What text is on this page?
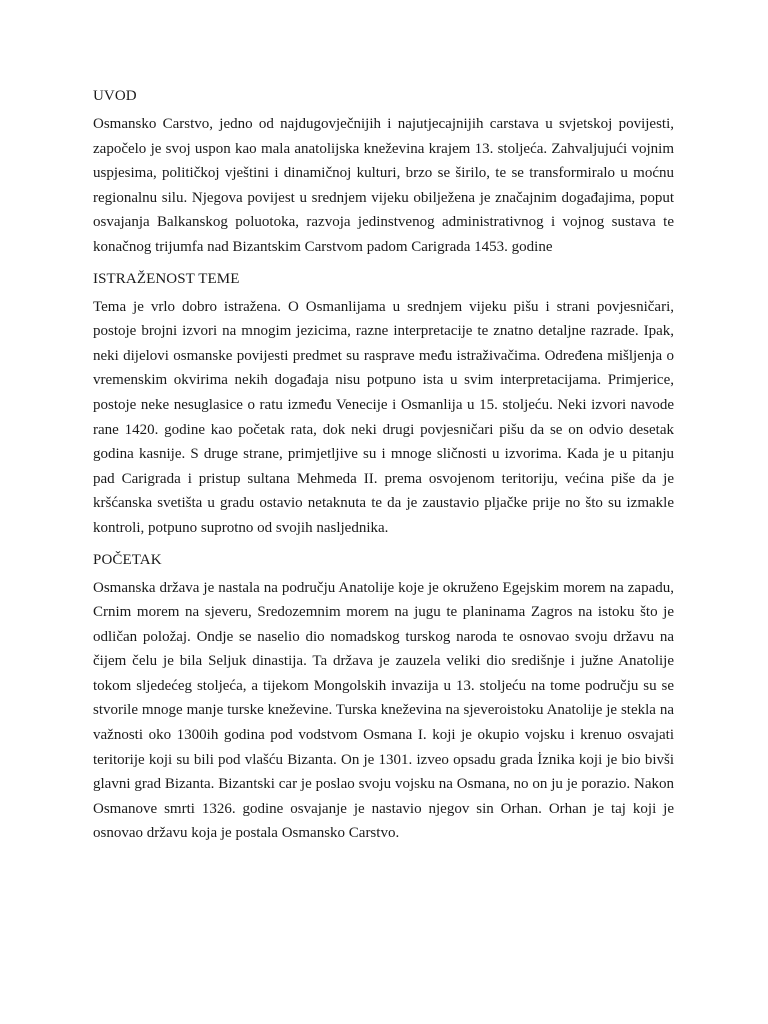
UVOD

Osmansko Carstvo, jedno od najdugovječnijih i najutjecajnijih carstava u svjetskoj povijesti, započelo je svoj uspon kao mala anatolijska kneževina krajem 13. stoljeća. Zahvaljujući vojnim uspjesima, političkoj vještini i dinamičnoj kulturi, brzo se širilo, te se transformiralo u moćnu regionalnu silu. Njegova povijest u srednjem vijeku obilježena je značajnim događajima, poput osvajanja Balkanskog poluotoka, razvoja jedinstvenog administrativnog i vojnog sustava te konačnog trijumfa nad Bizantskim Carstvom padom Carigrada 1453. godine

ISTRAŽENOST TEME

Tema je vrlo dobro istražena. O Osmanlijama u srednjem vijeku pišu i strani povjesničari, postoje brojni izvori na mnogim jezicima, razne interpretacije te znatno detaljne razrade. Ipak, neki dijelovi osmanske povijesti predmet su rasprave među istraživačima. Određena mišljenja o vremenskim okvirima nekih događaja nisu potpuno ista u svim interpretacijama. Primjerice, postoje neke nesuglasice o ratu između Venecije i Osmanlija u 15. stoljeću. Neki izvori navode rane 1420. godine kao početak rata, dok neki drugi povjesničari pišu da se on odvio desetak godina kasnije. S druge strane, primjetljive su i mnoge sličnosti u izvorima. Kada je u pitanju pad Carigrada i pristup sultana Mehmeda II. prema osvojenom teritoriju, većina piše da je kršćanska svetišta u gradu ostavio netaknuta te da je zaustavio pljačke prije no što su izmakle kontroli, potpuno suprotno od svojih nasljednika.

POČETAK

Osmanska država je nastala na području Anatolije koje je okruženo Egejskim morem na zapadu, Crnim morem na sjeveru, Sredozemnim morem na jugu te planinama Zagros na istoku što je odličan položaj. Ondje se naselio dio nomadskog turskog naroda te osnovao svoju državu na čijem čelu je bila Seljuk dinastija. Ta država je zauzela veliki dio središnje i južne Anatolije tokom sljedećeg stoljeća, a tijekom Mongolskih invazija u 13. stoljeću na tome području su se stvorile mnoge manje turske kneževine. Turska kneževina na sjeveroistoku Anatolije je stekla na važnosti oko 1300ih godina pod vodstvom Osmana I. koji je okupio vojsku i krenuo osvajati teritorije koji su bili pod vlašću Bizanta. On je 1301. izveo opsadu grada İznika koji je bio bivši glavni grad Bizanta. Bizantski car je poslao svoju vojsku na Osmana, no on ju je porazio. Nakon Osmanove smrti 1326. godine osvajanje je nastavio njegov sin Orhan. Orhan je taj koji je osnovao državu koja je postala Osmansko Carstvo.
